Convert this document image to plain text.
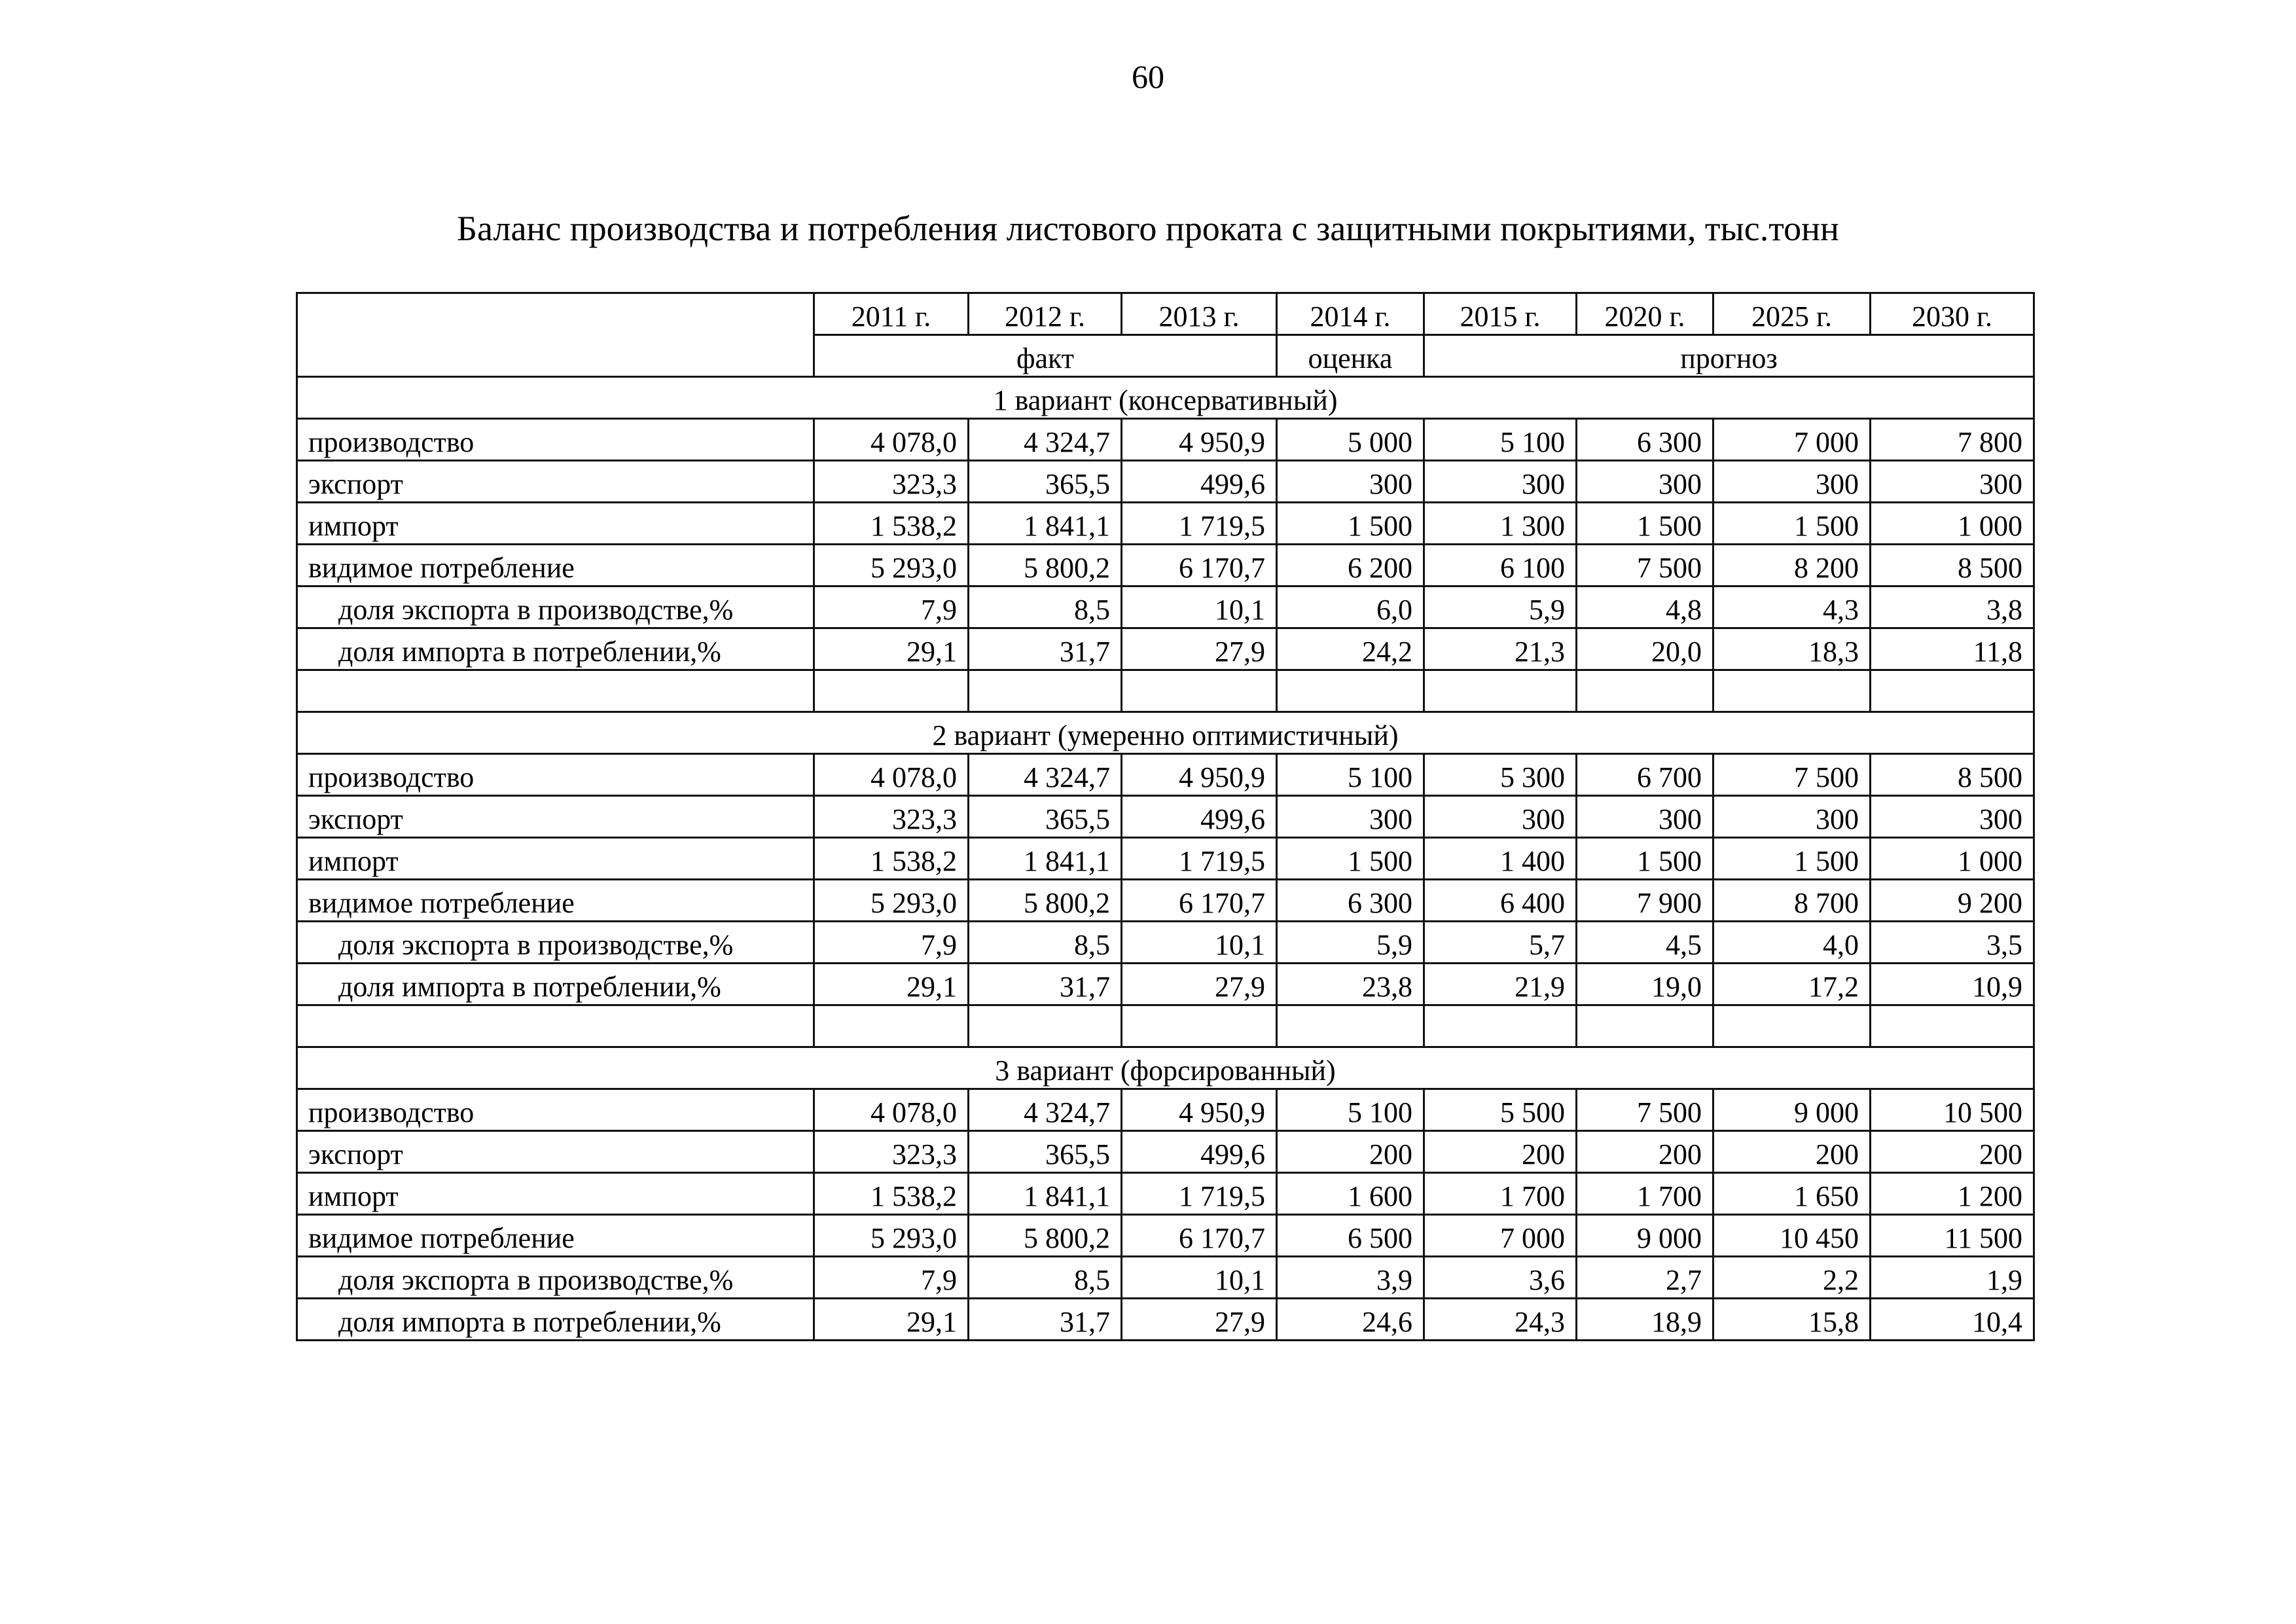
60
Баланс производства и потребления листового проката с защитными покрытиями, тыс.тонн
	2011 г.	2012 г.	2013 г.	2014 г.	2015 г.	2020 г.	2025 г.	2030 г.
	факт			оценка	прогноз			
1 вариант (консервативный)								
производство	4 078,0	4 324,7	4 950,9	5 000	5 100	6 300	7 000	7 800
экспорт	323,3	365,5	499,6	300	300	300	300	300
импорт	1 538,2	1 841,1	1 719,5	1 500	1 300	1 500	1 500	1 000
видимое потребление	5 293,0	5 800,2	6 170,7	6 200	6 100	7 500	8 200	8 500
доля экспорта в производстве,%	7,9	8,5	10,1	6,0	5,9	4,8	4,3	3,8
доля импорта в потреблении,%	29,1	31,7	27,9	24,2	21,3	20,0	18,3	11,8

2 вариант (умеренно оптимистичный)								
производство	4 078,0	4 324,7	4 950,9	5 100	5 300	6 700	7 500	8 500
экспорт	323,3	365,5	499,6	300	300	300	300	300
импорт	1 538,2	1 841,1	1 719,5	1 500	1 400	1 500	1 500	1 000
видимое потребление	5 293,0	5 800,2	6 170,7	6 300	6 400	7 900	8 700	9 200
доля экспорта в производстве,%	7,9	8,5	10,1	5,9	5,7	4,5	4,0	3,5
доля импорта в потреблении,%	29,1	31,7	27,9	23,8	21,9	19,0	17,2	10,9

3 вариант (форсированный)								
производство	4 078,0	4 324,7	4 950,9	5 100	5 500	7 500	9 000	10 500
экспорт	323,3	365,5	499,6	200	200	200	200	200
импорт	1 538,2	1 841,1	1 719,5	1 600	1 700	1 700	1 650	1 200
видимое потребление	5 293,0	5 800,2	6 170,7	6 500	7 000	9 000	10 450	11 500
доля экспорта в производстве,%	7,9	8,5	10,1	3,9	3,6	2,7	2,2	1,9
доля импорта в потреблении,%	29,1	31,7	27,9	24,6	24,3	18,9	15,8	10,4
